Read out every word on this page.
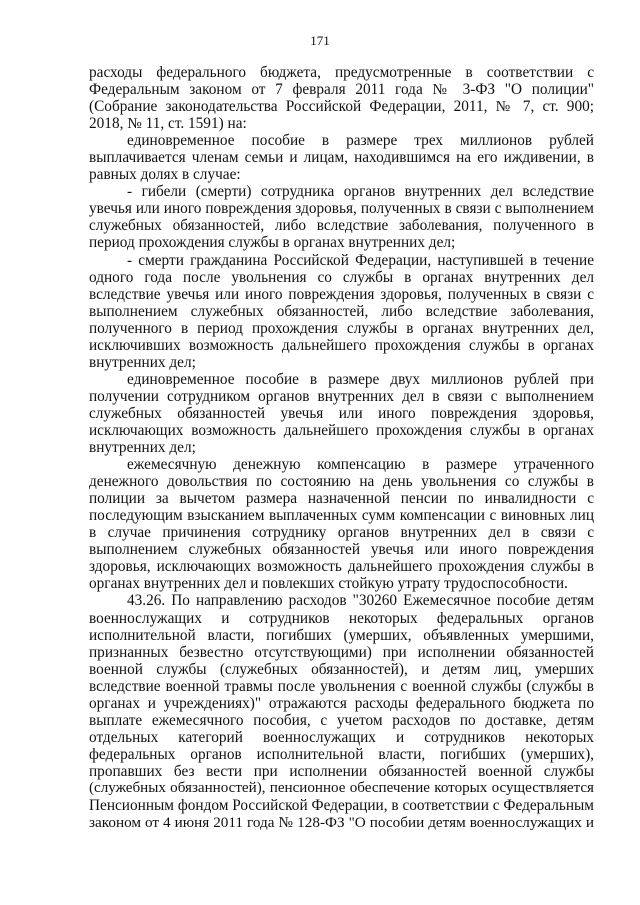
171
расходы федерального бюджета, предусмотренные в соответствии с
Федеральным законом от 7 февраля 2011 года № 3-ФЗ "О полиции"
(Собрание законодательства Российской Федерации, 2011, № 7, ст. 900;
2018, № 11, ст. 1591) на:
единовременное пособие в размере трех миллионов рублей
выплачивается членам семьи и лицам, находившимся на его иждивении, в
равных долях в случае:
- гибели (смерти) сотрудника органов внутренних дел вследствие
увечья или иного повреждения здоровья, полученных в связи с выполнением
служебных обязанностей, либо вследствие заболевания, полученного в
период прохождения службы в органах внутренних дел;
- смерти гражданина Российской Федерации, наступившей в течение
одного года после увольнения со службы в органах внутренних дел
вследствие увечья или иного повреждения здоровья, полученных в связи с
выполнением служебных обязанностей, либо вследствие заболевания,
полученного в период прохождения службы в органах внутренних дел,
исключивших возможность дальнейшего прохождения службы в органах
внутренних дел;
единовременное пособие в размере двух миллионов рублей при
получении сотрудником органов внутренних дел в связи с выполнением
служебных обязанностей увечья или иного повреждения здоровья,
исключающих возможность дальнейшего прохождения службы в органах
внутренних дел;
ежемесячную денежную компенсацию в размере утраченного
денежного довольствия по состоянию на день увольнения со службы в
полиции за вычетом размера назначенной пенсии по инвалидности с
последующим взысканием выплаченных сумм компенсации с виновных лиц
в случае причинения сотруднику органов внутренних дел в связи с
выполнением служебных обязанностей увечья или иного повреждения
здоровья, исключающих возможность дальнейшего прохождения службы в
органах внутренних дел и повлекших стойкую утрату трудоспособности.
43.26. По направлению расходов "30260 Ежемесячное пособие детям
военнослужащих и сотрудников некоторых федеральных органов
исполнительной власти, погибших (умерших, объявленных умершими,
признанных безвестно отсутствующими) при исполнении обязанностей
военной службы (служебных обязанностей), и детям лиц, умерших
вследствие военной травмы после увольнения с военной службы (службы в
органах и учреждениях)" отражаются расходы федерального бюджета по
выплате ежемесячного пособия, с учетом расходов по доставке, детям
отдельных категорий военнослужащих и сотрудников некоторых
федеральных органов исполнительной власти, погибших (умерших),
пропавших без вести при исполнении обязанностей военной службы
(служебных обязанностей), пенсионное обеспечение которых осуществляется
Пенсионным фондом Российской Федерации, в соответствии с Федеральным
законом от 4 июня 2011 года № 128-ФЗ "О пособии детям военнослужащих и
